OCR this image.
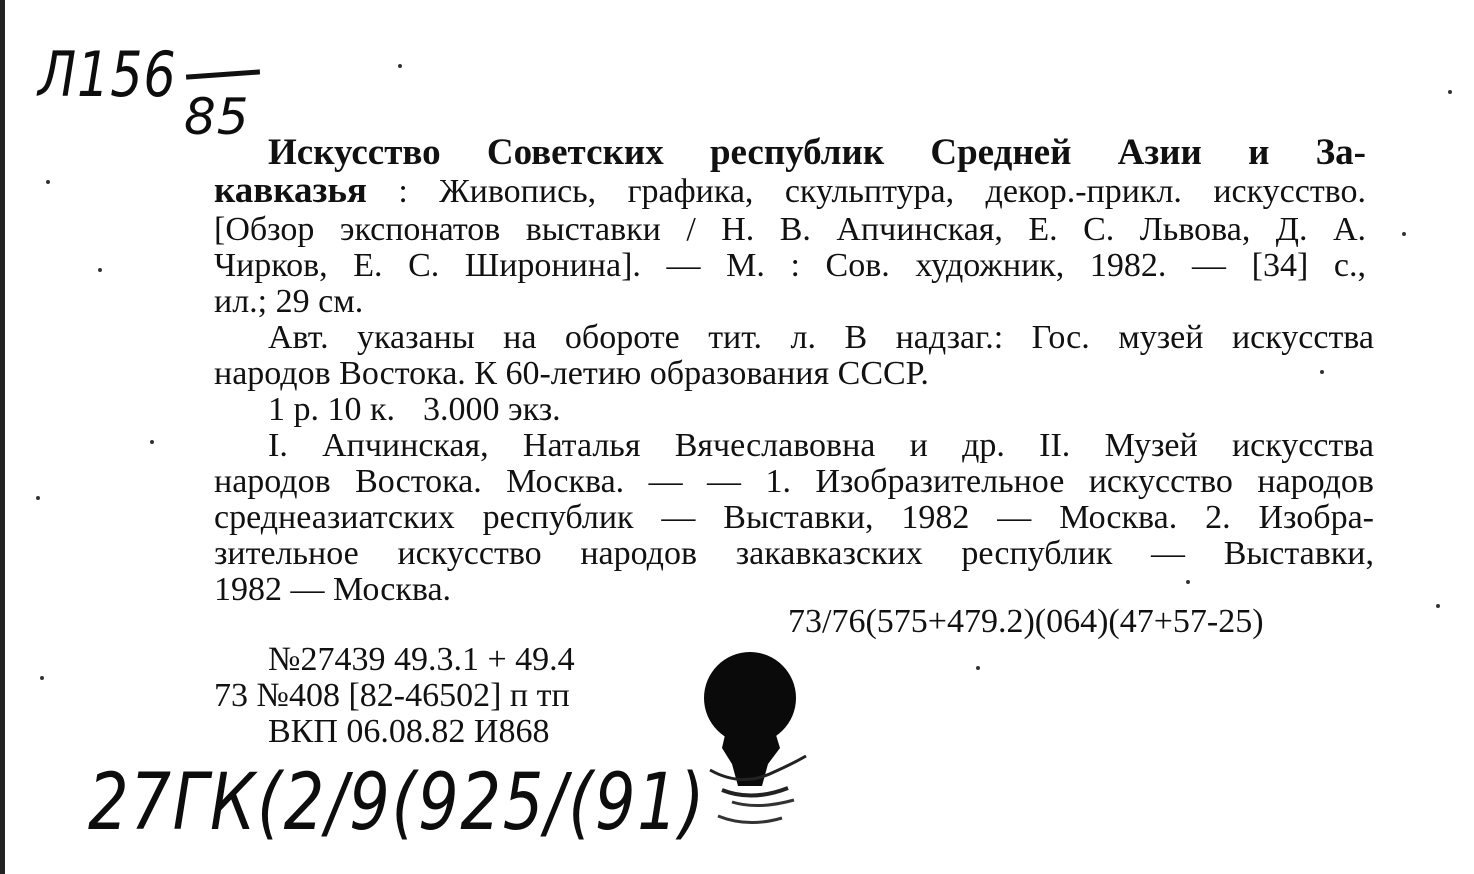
Л156
85
Искусство Советских республик Средней Азии и За-
кавказья : Живопись, графика, скульптура, декор.-прикл. искусство.
[Обзор экспонатов выставки / Н. В. Апчинская, Е. С. Львова, Д. А.
Чирков, Е. С. Широнина]. — М. : Сов. художник, 1982. — [34] с.,
ил.; 29 см.
Авт. указаны на обороте тит. л. В надзаг.: Гос. музей искусства
народов Востока. К 60-летию образования СССР.
1 р. 10 к. 3.000 экз.
I. Апчинская, Наталья Вячеславовна и др. II. Музей искусства
народов Востока. Москва. — — 1. Изобразительное искусство народов
среднеазиатских республик — Выставки, 1982 — Москва. 2. Изобра-
зительное искусство народов закавказских республик — Выставки,
1982 — Москва.
73/76(575+479.2)(064)(47+57-25)
№27439 49.3.1 + 49.4
73 №408 [82-46502] п тп
ВКП 06.08.82 И868
27ГК(2/9(925/(91)
